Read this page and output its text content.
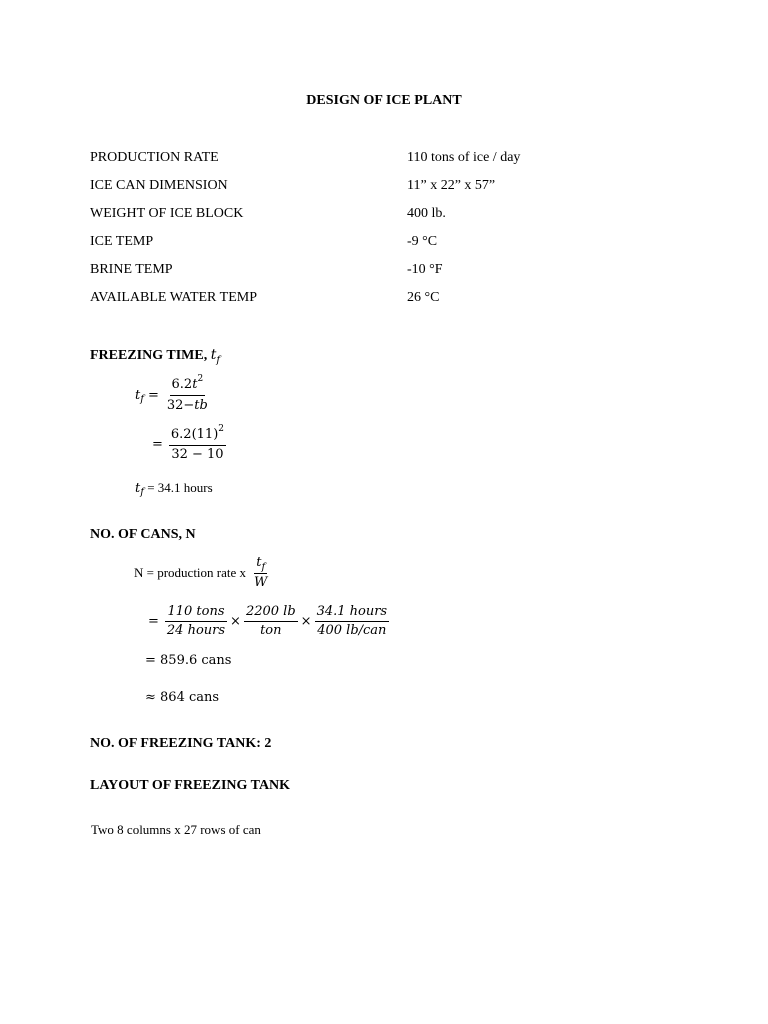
DESIGN OF ICE PLANT
PRODUCTION RATE	110 tons of ice / day
ICE CAN DIMENSION	11” x 22” x 57”
WEIGHT OF ICE BLOCK	400 lb.
ICE TEMP	-9 °C
BRINE TEMP	-10 °F
AVAILABLE WATER TEMP	26 °C
FREEZING TIME, $t_f$
t $f = \frac{6.2t^2}{32-tb}$
= $\frac{6.2(11)^2}{32 - 10}$
t f = 34.1 hours
NO. OF CANS, N
N = production rate x $\frac{t_f}{W}$
= $\frac{\text{110 tons}}{\text{24 hours}} \times \frac{2200 lb}{\text{ton}} \times \frac{\text{34.1 hours}}{\text{400 lb/can}}$
= 859.6 cans
≈ 864 cans
NO. OF FREEZING TANK: 2
LAYOUT OF FREEZING TANK
Two 8 columns x 27 rows of can
